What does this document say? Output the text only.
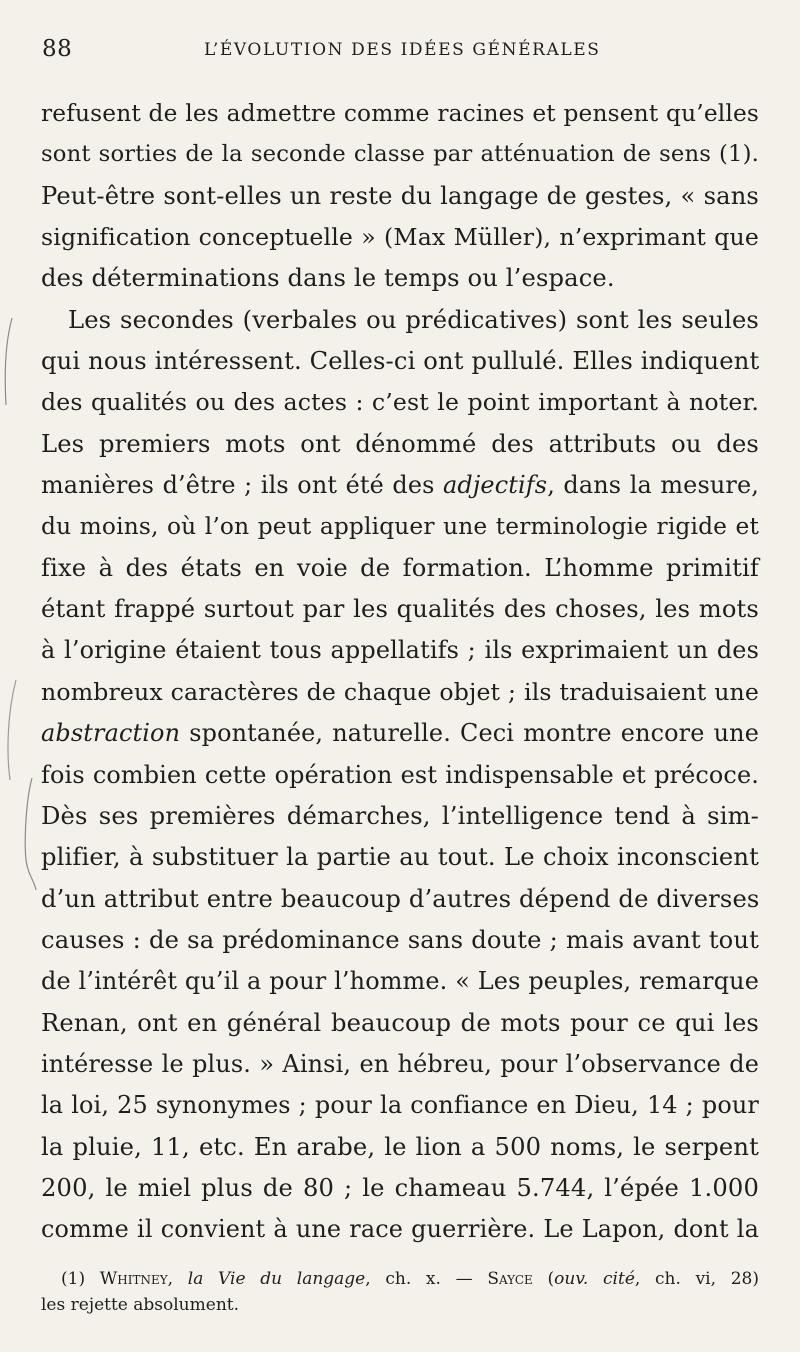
88	L’ÉVOLUTION DES IDÉES GÉNÉRALES
refusent de les admettre comme racines et pensent qu’elles
sont sorties de la seconde classe par atténuation de sens (1).
Peut-être sont-elles un reste du langage de gestes, « sans
signification conceptuelle » (Max Müller), n’exprimant que
des déterminations dans le temps ou l’espace.
Les secondes (verbales ou prédicatives) sont les seules
qui nous intéressent. Celles-ci ont pullulé. Elles indiquent
des qualités ou des actes : c’est le point important à noter.
Les premiers mots ont dénommé des attributs ou des
manières d’être ; ils ont été des adjectifs, dans la mesure,
du moins, où l’on peut appliquer une terminologie rigide et
fixe à des états en voie de formation. L’homme primitif
étant frappé surtout par les qualités des choses, les mots
à l’origine étaient tous appellatifs ; ils exprimaient un des
nombreux caractères de chaque objet ; ils traduisaient une
abstraction spontanée, naturelle. Ceci montre encore une
fois combien cette opération est indispensable et précoce.
Dès ses premières démarches, l’intelligence tend à sim-
plifier, à substituer la partie au tout. Le choix inconscient
d’un attribut entre beaucoup d’autres dépend de diverses
causes : de sa prédominance sans doute ; mais avant tout
de l’intérêt qu’il a pour l’homme. « Les peuples, remarque
Renan, ont en général beaucoup de mots pour ce qui les
intéresse le plus. » Ainsi, en hébreu, pour l’observance de
la loi, 25 synonymes ; pour la confiance en Dieu, 14 ; pour
la pluie, 11, etc. En arabe, le lion a 500 noms, le serpent
200, le miel plus de 80 ; le chameau 5.744, l’épée 1.000
comme il convient à une race guerrière. Le Lapon, dont la
(1) Whitney, la Vie du langage, ch. x. — Sayce (ouv. cité, ch. vi, 28)
les rejette absolument.
